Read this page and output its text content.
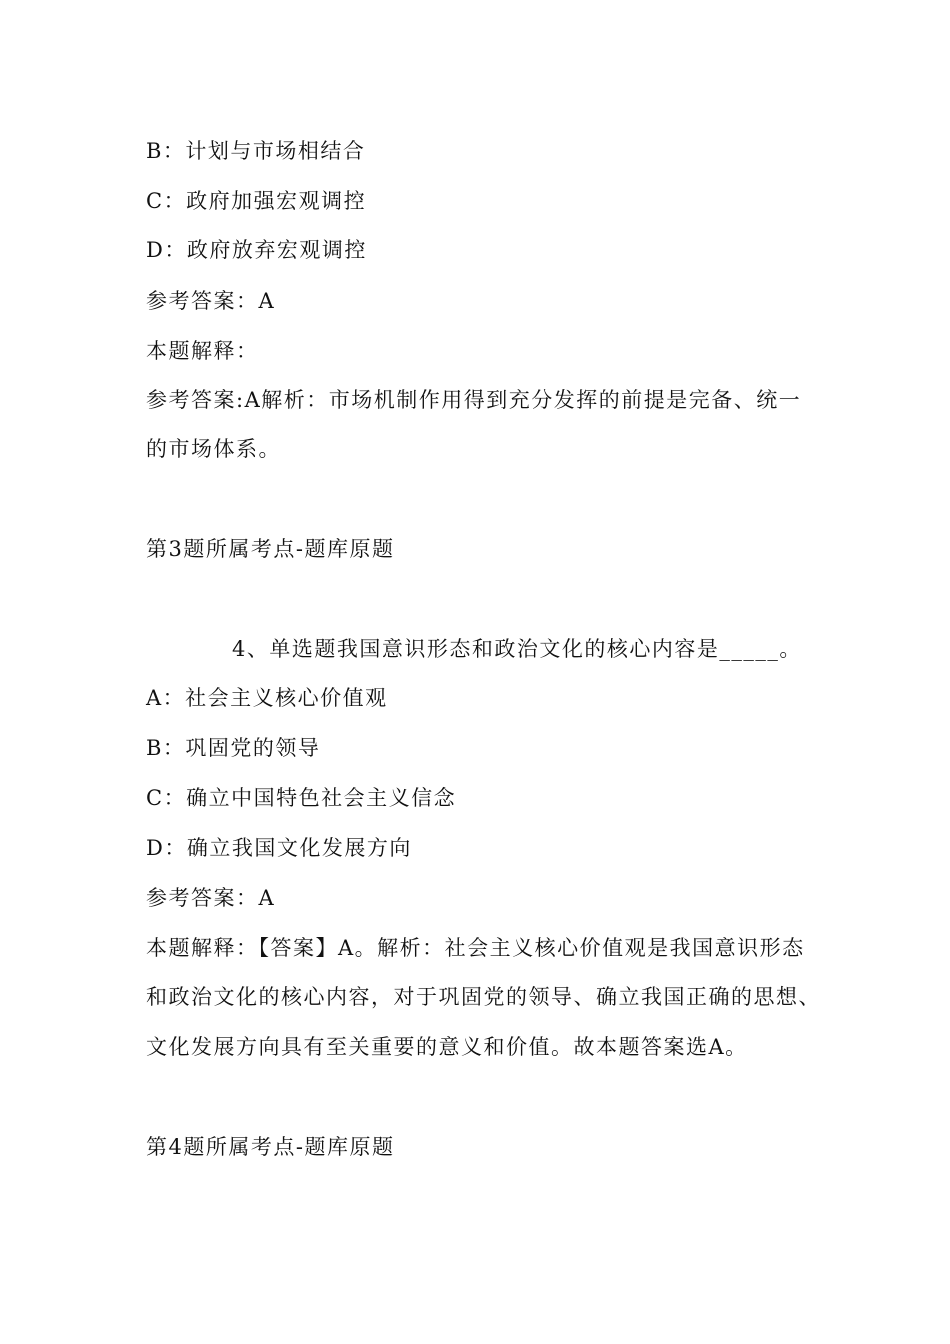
B：计划与市场相结合
C：政府加强宏观调控
D：政府放弃宏观调控
参考答案：A
本题解释：
参考答案:A解析：市场机制作用得到充分发挥的前提是完备、统一
的市场体系。
第3题所属考点-题库原题
4、单选题我国意识形态和政治文化的核心内容是_____。
A：社会主义核心价值观
B：巩固党的领导
C：确立中国特色社会主义信念
D：确立我国文化发展方向
参考答案：A
本题解释：【答案】A。解析：社会主义核心价值观是我国意识形态
和政治文化的核心内容，对于巩固党的领导、确立我国正确的思想、
文化发展方向具有至关重要的意义和价值。故本题答案选A。
第4题所属考点-题库原题
